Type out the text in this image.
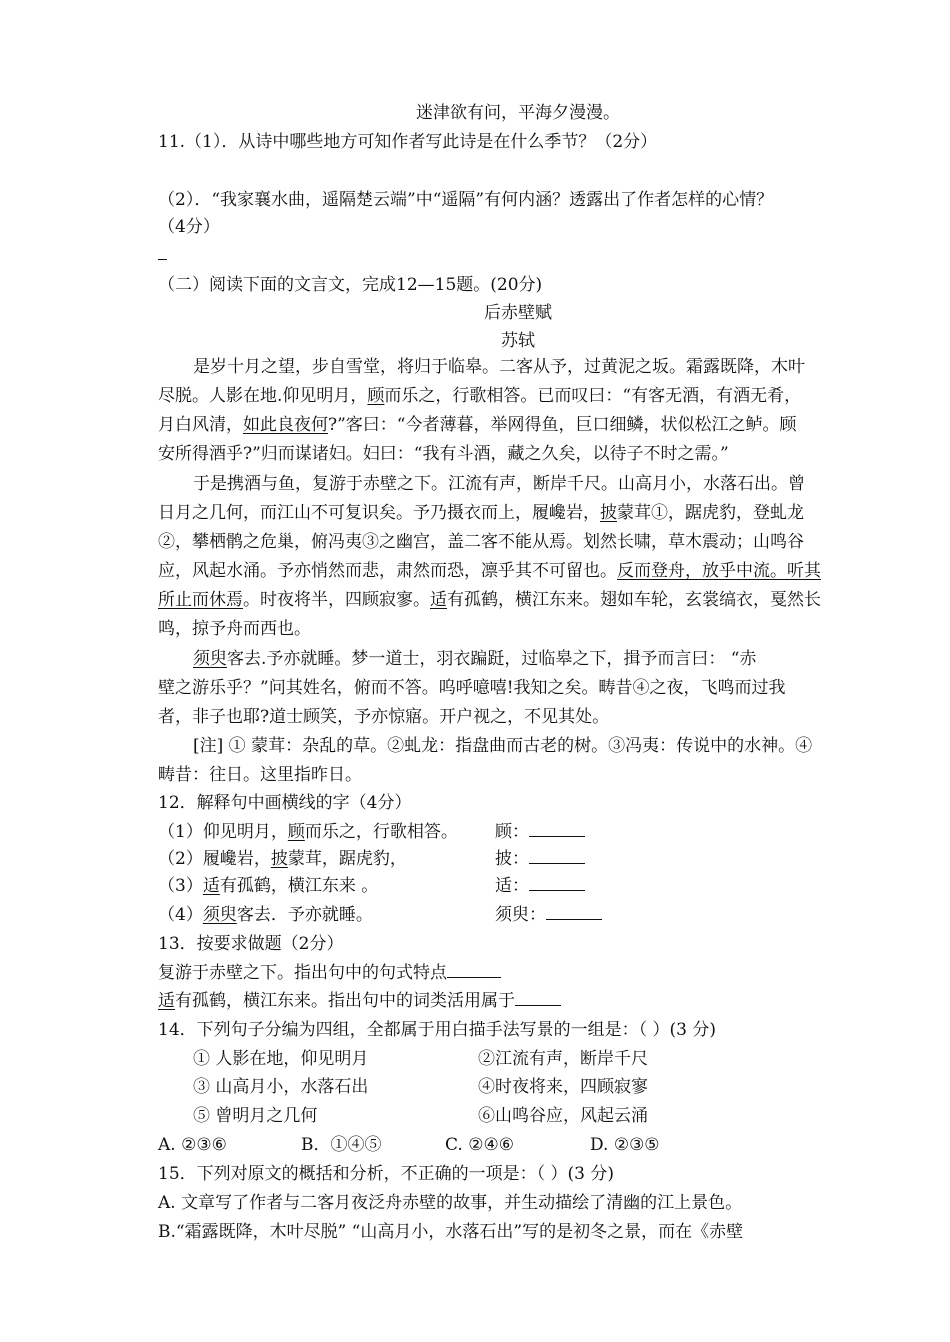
迷津欲有问，平海夕漫漫。
11.（1）．从诗中哪些地方可知作者写此诗是在什么季节？（2分）
（2）．“我家襄水曲，遥隔楚云端”中“遥隔”有何内涵？透露出了作者怎样的心情？
（4分）
（二）阅读下面的文言文，完成12—15题。(20分)
后赤壁赋
苏轼
是岁十月之望，步自雪堂，将归于临皋。二客从予，过黄泥之坂。霜露既降，木叶
尽脱。人影在地.仰见明月，顾而乐之，行歌相答。已而叹曰：“有客无酒，有酒无肴，
月白风清，如此良夜何?”客曰：“今者薄暮，举网得鱼，巨口细鳞，状似松江之鲈。顾
安所得酒乎?”归而谋诸妇。妇曰：“我有斗酒，藏之久矣，以待子不时之需。”
于是携酒与鱼，复游于赤壁之下。江流有声，断岸千尺。山高月小，水落石出。曾
日月之几何，而江山不可复识矣。予乃摄衣而上，履巉岩，披蒙茸①，踞虎豹，登虬龙
②，攀栖鹘之危巢，俯冯夷③之幽宫，盖二客不能从焉。划然长啸，草木震动；山鸣谷
应，风起水涌。予亦悄然而悲，肃然而恐，凛乎其不可留也。反而登舟，放乎中流。听其
所止而休焉。时夜将半，四顾寂寥。适有孤鹤，横江东来。翅如车轮，玄裳缟衣，戛然长
鸣，掠予舟而西也。
须臾客去.予亦就睡。梦一道士，羽衣蹁跹，过临皋之下，揖予而言曰： “赤
壁之游乐乎？”问其姓名，俯而不答。呜呼噫嘻!我知之矣。畴昔④之夜，飞鸣而过我
者，非子也耶?道士顾笑，予亦惊寤。开户视之，不见其处。
[注] ① 蒙茸：杂乱的草。②虬龙：指盘曲而古老的树。③冯夷：传说中的水神。④
畴昔：往日。这里指昨日。
12．解释句中画横线的字（4分）
（1）仰见明月，顾而乐之，行歌相答。 顾：
（2）履巉岩，披蒙茸，踞虎豹，	披：
（3）适有孤鹤，横江东来 。	适：
（4）须臾客去．予亦就睡。	须臾：
13．按要求做题（2分）
复游于赤壁之下。指出句中的句式特点
适有孤鹤，横江东来。指出句中的词类活用属于
14．下列句子分编为四组，全都属于用白描手法写景的一组是：（ ）(3 分)
① 人影在地，仰见明月	②江流有声，断岸千尺
③ 山高月小，水落石出	④时夜将来，四顾寂寥
⑤ 曾明月之几何	⑥山鸣谷应，风起云涌
A. ②③⑥	B．①④⑤	C. ②④⑥	D. ②③⑤
15．下列对原文的概括和分析，不正确的一项是：（ ）(3 分)
A. 文章写了作者与二客月夜泛舟赤壁的故事，并生动描绘了清幽的江上景色。
B.“霜露既降，木叶尽脱” “山高月小，水落石出”写的是初冬之景，而在《赤壁
